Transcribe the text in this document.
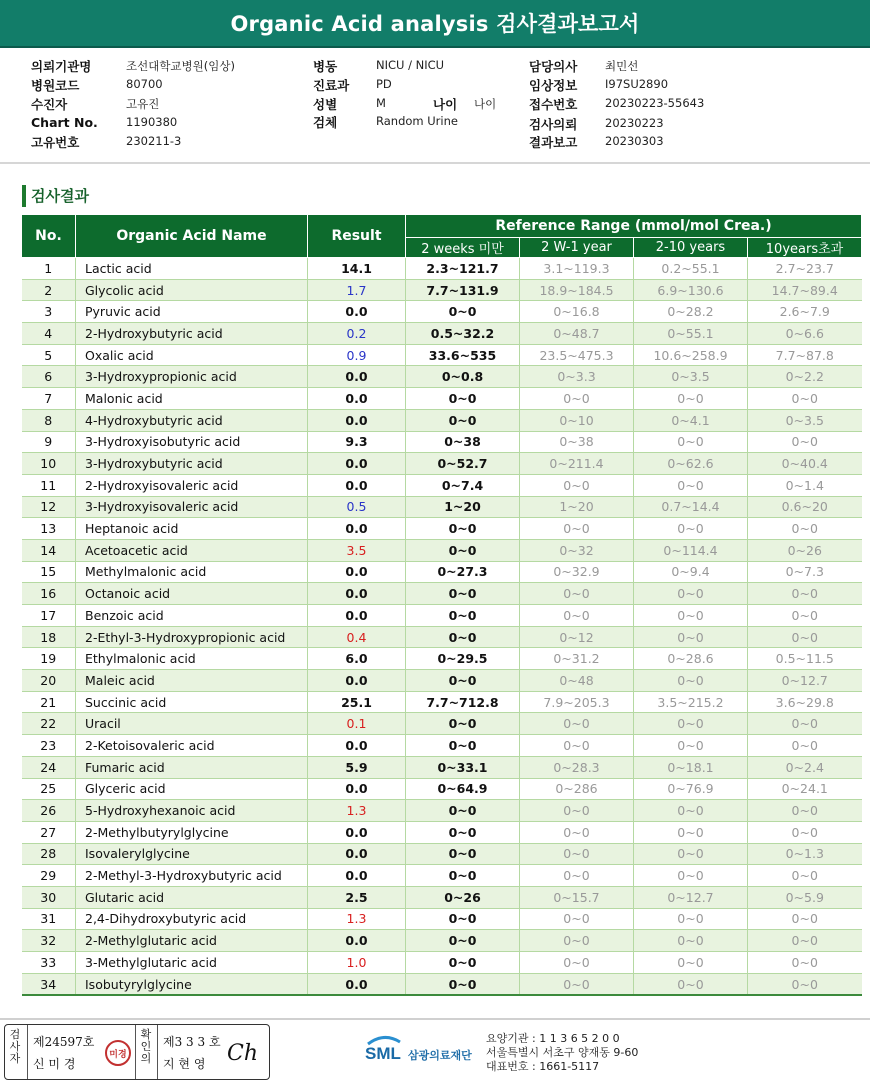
Organic Acid analysis 검사결과보고서
의뢰기관명	조선대학교병원(임상)
병원코드	80700
수진자	고유진
Chart No. 1190380
고유번호	230211-3
병동	NICU / NICU
진료과 PD
성별	M	나이 나이
검체	Random Urine
담당의사 최민선
임상정보 I97SU2890
접수번호 20230223-55643
검사의뢰 20230223
결과보고 20230303
검사결과
No.	Organic Acid Name	Result	Reference Range (mmol/mol Crea.)			
			2 weeks 미만	2 W-1 year	2-10 years	10years초과
1	Lactic acid	14.1	2.3~121.7	3.1~119.3	0.2~55.1	2.7~23.7
2	Glycolic acid	1.7	7.7~131.9	18.9~184.5	6.9~130.6	14.7~89.4
3	Pyruvic acid	0.0	0~0	0~16.8	0~28.2	2.6~7.9
4	2-Hydroxybutyric acid	0.2	0.5~32.2	0~48.7	0~55.1	0~6.6
5	Oxalic acid	0.9	33.6~535	23.5~475.3	10.6~258.9	7.7~87.8
6	3-Hydroxypropionic acid	0.0	0~0.8	0~3.3	0~3.5	0~2.2
7	Malonic acid	0.0	0~0	0~0	0~0	0~0
8	4-Hydroxybutyric acid	0.0	0~0	0~10	0~4.1	0~3.5
9	3-Hydroxyisobutyric acid	9.3	0~38	0~38	0~0	0~0
10	3-Hydroxybutyric acid	0.0	0~52.7	0~211.4	0~62.6	0~40.4
11	2-Hydroxyisovaleric acid	0.0	0~7.4	0~0	0~0	0~1.4
12	3-Hydroxyisovaleric acid	0.5	1~20	1~20	0.7~14.4	0.6~20
13	Heptanoic acid	0.0	0~0	0~0	0~0	0~0
14	Acetoacetic acid	3.5	0~0	0~32	0~114.4	0~26
15	Methylmalonic acid	0.0	0~27.3	0~32.9	0~9.4	0~7.3
16	Octanoic acid	0.0	0~0	0~0	0~0	0~0
17	Benzoic acid	0.0	0~0	0~0	0~0	0~0
18	2-Ethyl-3-Hydroxypropionic acid	0.4	0~0	0~12	0~0	0~0
19	Ethylmalonic acid	6.0	0~29.5	0~31.2	0~28.6	0.5~11.5
20	Maleic acid	0.0	0~0	0~48	0~0	0~12.7
21	Succinic acid	25.1	7.7~712.8	7.9~205.3	3.5~215.2	3.6~29.8
22	Uracil	0.1	0~0	0~0	0~0	0~0
23	2-Ketoisovaleric acid	0.0	0~0	0~0	0~0	0~0
24	Fumaric acid	5.9	0~33.1	0~28.3	0~18.1	0~2.4
25	Glyceric acid	0.0	0~64.9	0~286	0~76.9	0~24.1
26	5-Hydroxyhexanoic acid	1.3	0~0	0~0	0~0	0~0
27	2-Methylbutyrylglycine	0.0	0~0	0~0	0~0	0~0
28	Isovalerylglycine	0.0	0~0	0~0	0~0	0~1.3
29	2-Methyl-3-Hydroxybutyric acid	0.0	0~0	0~0	0~0	0~0
30	Glutaric acid	2.5	0~26	0~15.7	0~12.7	0~5.9
31	2,4-Dihydroxybutyric acid	1.3	0~0	0~0	0~0	0~0
32	2-Methylglutaric acid	0.0	0~0	0~0	0~0	0~0
33	3-Methylglutaric acid	1.0	0~0	0~0	0~0	0~0
34	Isobutyrylglycine	0.0	0~0	0~0	0~0	0~0
검사자
제24597호
신 미 경
미경
확인의
제3 3 3 호
지 현 영 Ch	SML 삼광의료재단
요양기관 : 1 1 3 6 5 2 0 0
서울특별시 서초구 양재동 9-60
대표번호 : 1661-5117
